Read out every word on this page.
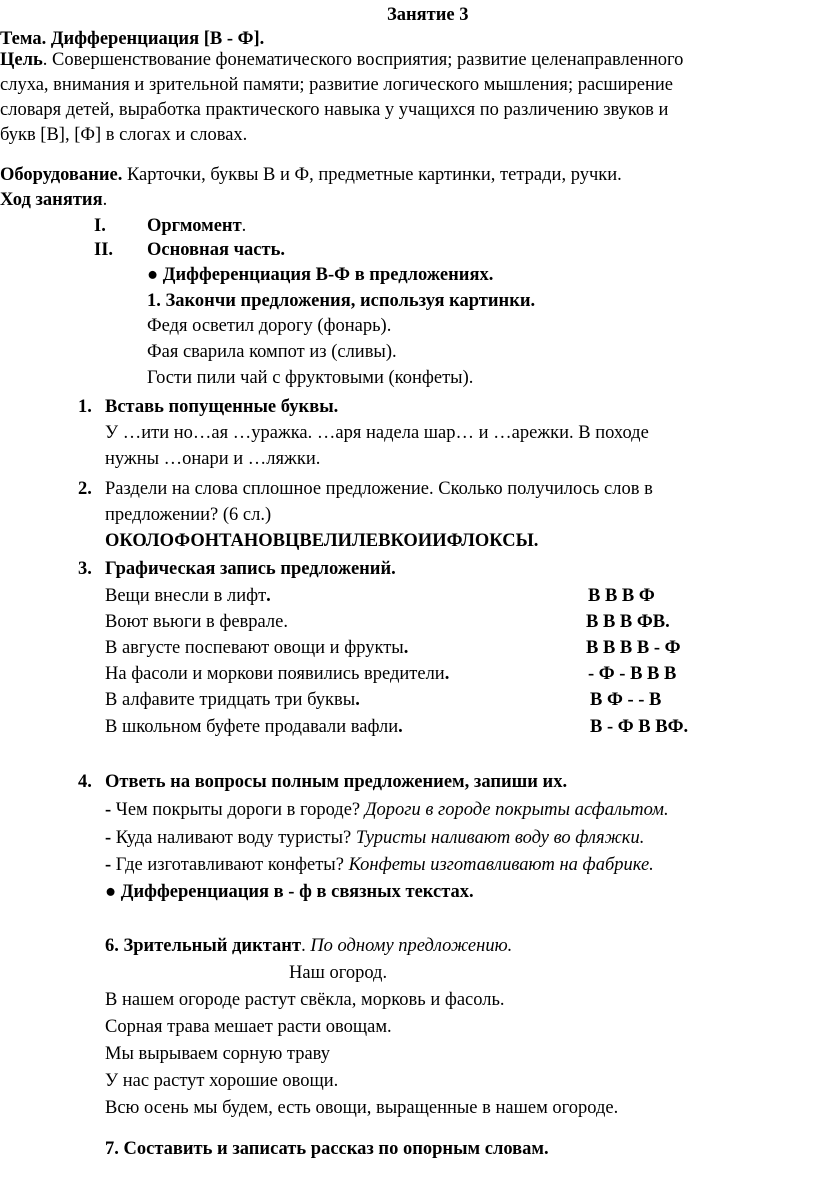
Занятие 3
Тема. Дифференциация [В - Ф].
Цель. Совершенствование фонематического восприятия; развитие целенаправленного
слуха, внимания и зрительной памяти; развитие логического мышления; расширение
словаря детей, выработка практического навыка у учащихся по различению звуков и
букв [В], [Ф] в слогах и словах.
Оборудование. Карточки, буквы В и Ф, предметные картинки, тетради, ручки.
Ход занятия.
I. Оргмомент.
II. Основная часть.
● Дифференциация В-Ф в предложениях.
1. Закончи предложения, используя картинки.
Федя осветил дорогу (фонарь).
Фая сварила компот из (сливы).
Гости пили чай с фруктовыми (конфеты).
1. Вставь попущенные буквы.
У …ити но…ая …уражка. …аря надела шар… и …арежки. В походе
нужны …онари и …ляжки.
2. Раздели на слова сплошное предложение. Сколько получилось слов в
предложении? (6 сл.)
ОКОЛОФОНТАНОВЦВЕЛИЛЕВКОИИФЛОКСЫ.
3. Графическая запись предложений.
Вещи внесли в лифт.	В В В Ф
Воют вьюги в феврале.	В В В ФВ.
В августе поспевают овощи и фрукты.	В В В В - Ф
На фасоли и моркови появились вредители.	- Ф - В В В
В алфавите тридцать три буквы.	В Ф - - В
В школьном буфете продавали вафли.	В - Ф В ВФ.
4. Ответь на вопросы полным предложением, запиши их.
- Чем покрыты дороги в городе? Дороги в городе покрыты асфальтом.
- Куда наливают воду туристы? Туристы наливают воду во фляжки.
- Где изготавливают конфеты? Конфеты изготавливают на фабрике.
● Дифференциация в - ф в связных текстах.
6. Зрительный диктант. По одному предложению.
Наш огород.
В нашем огороде растут свёкла, морковь и фасоль.
Сорная трава мешает расти овощам.
Мы вырываем сорную траву
У нас растут хорошие овощи.
Всю осень мы будем, есть овощи, выращенные в нашем огороде.
7. Составить и записать рассказ по опорным словам.
